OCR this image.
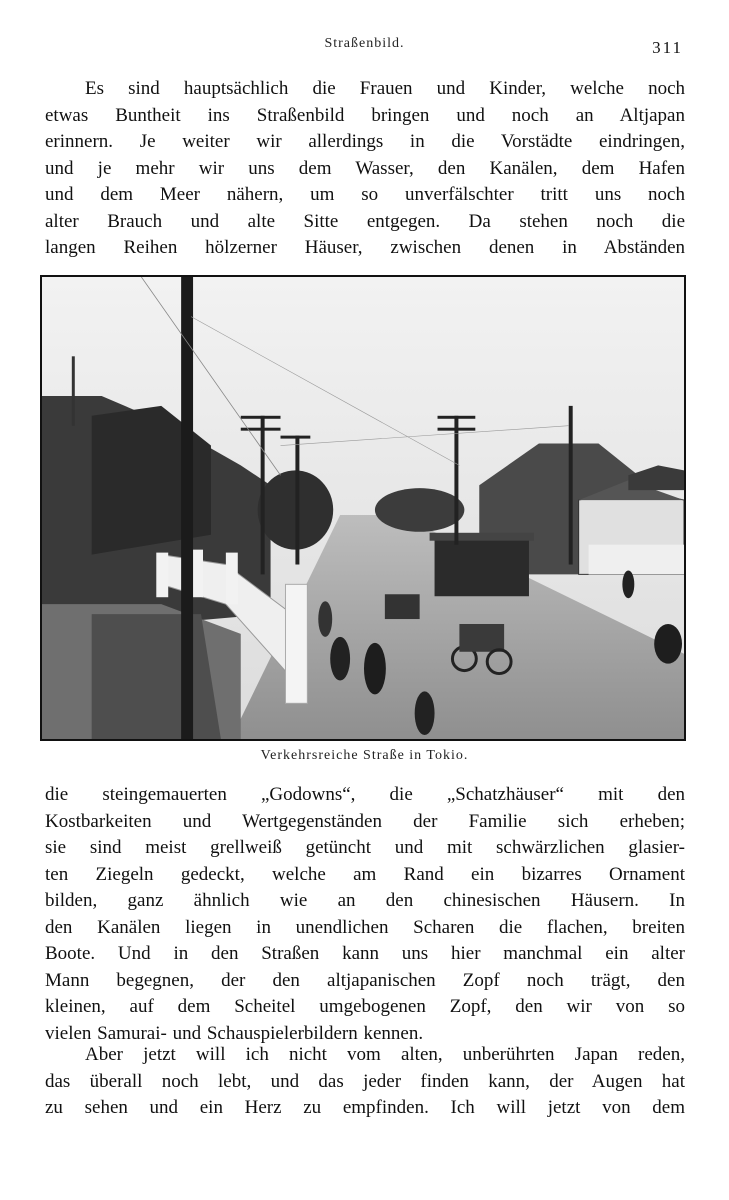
Straßenbild.	311
Es sind hauptsächlich die Frauen und Kinder, welche noch
etwas Buntheit ins Straßenbild bringen und noch an Altjapan
erinnern. Je weiter wir allerdings in die Vorstädte eindringen,
und je mehr wir uns dem Wasser, den Kanälen, dem Hafen
und dem Meer nähern, um so unverfälschter tritt uns noch
alter Brauch und alte Sitte entgegen. Da stehen noch die
langen Reihen hölzerner Häuser, zwischen denen in Abständen
Verkehrsreiche Straße in Tokio.
die steingemauerten „Godowns“, die „Schatzhäuser“ mit den
Kostbarkeiten und Wertgegenständen der Familie sich erheben;
sie sind meist grellweiß getüncht und mit schwärzlichen glasier-
ten Ziegeln gedeckt, welche am Rand ein bizarres Ornament
bilden, ganz ähnlich wie an den chinesischen Häusern. In
den Kanälen liegen in unendlichen Scharen die flachen, breiten
Boote. Und in den Straßen kann uns hier manchmal ein alter
Mann begegnen, der den altjapanischen Zopf noch trägt, den
kleinen, auf dem Scheitel umgebogenen Zopf, den wir von so
vielen Samurai- und Schauspielerbildern kennen.
Aber jetzt will ich nicht vom alten, unberührten Japan reden,
das überall noch lebt, und das jeder finden kann, der Augen hat
zu sehen und ein Herz zu empfinden. Ich will jetzt von dem
